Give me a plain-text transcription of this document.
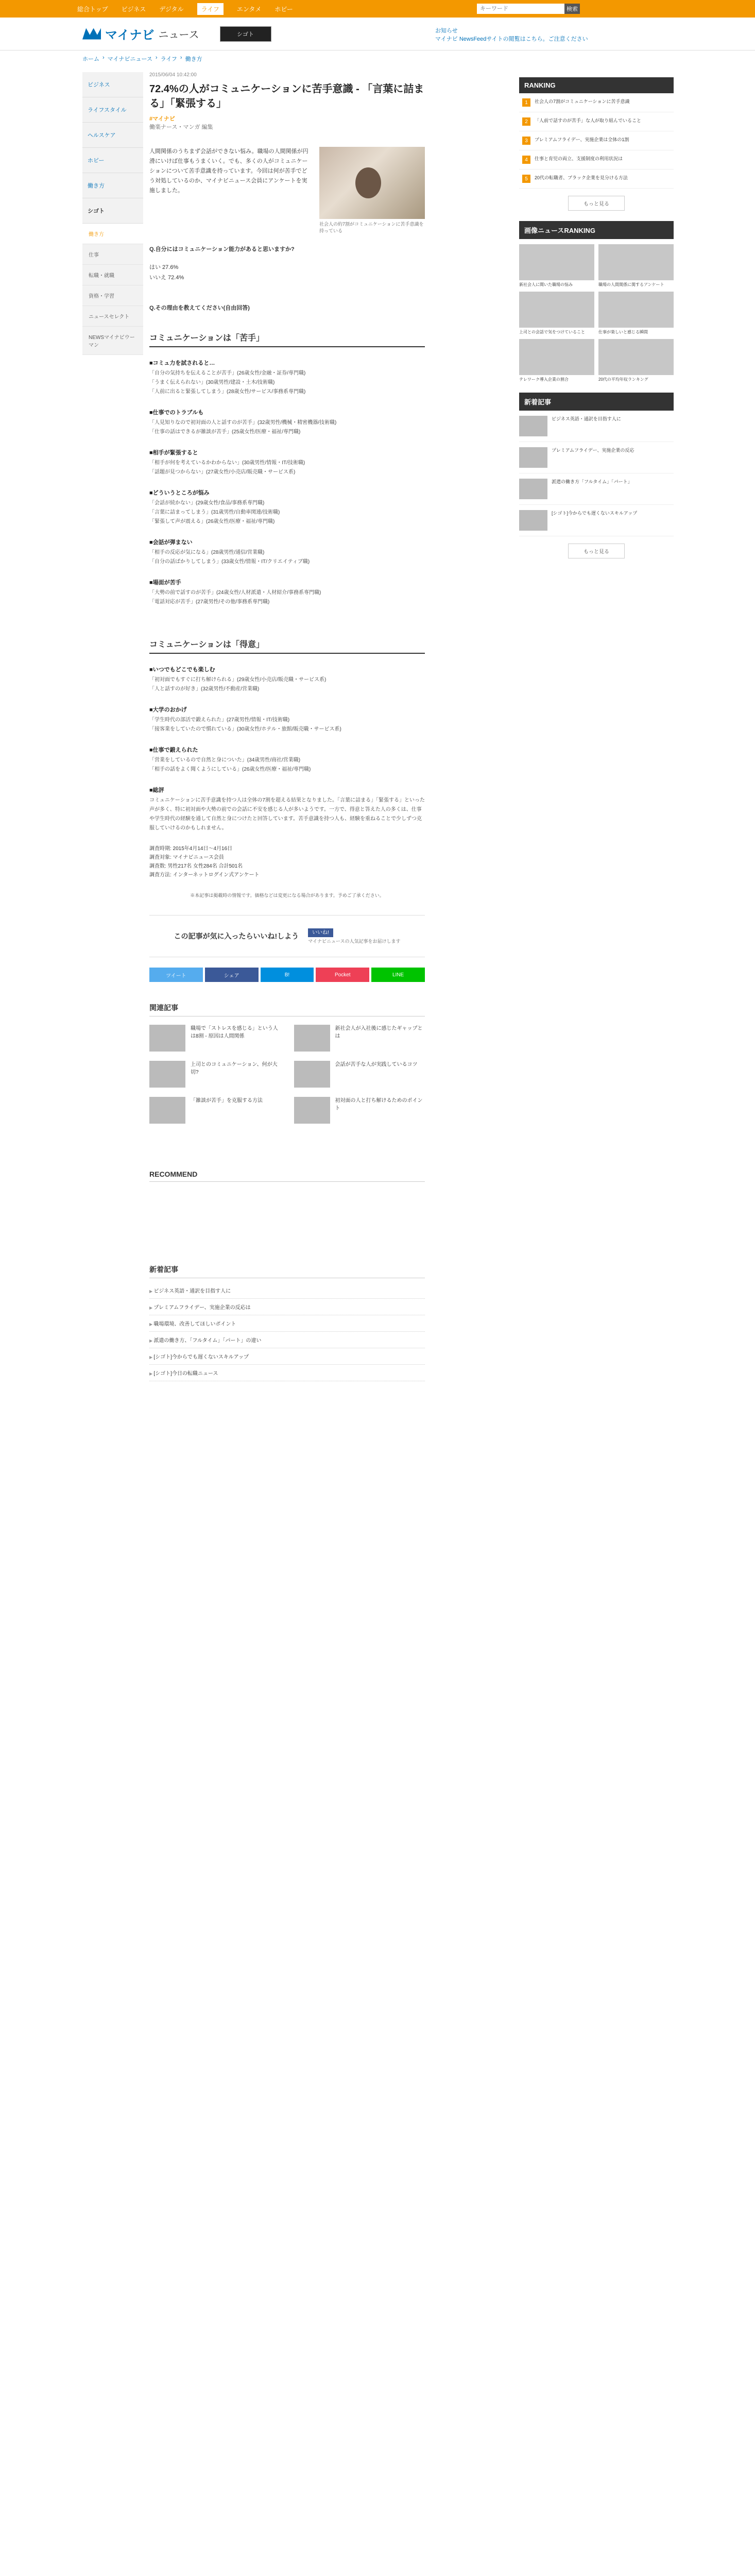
総合トップ ビジネス デジタル	ライフ	エンタメ ホビー
キーワード	検索
マイナビ ニュース	シゴト
お知らせ
マイナビ NewsFeedサイトの閲覧はこちら。ご注意ください
ホーム › マイナビニュース › ライフ › 働き方
ビジネス
ライフスタイル
ヘルスケア
ホビー
働き方
シゴト
働き方
仕事
転職・就職
資格・学習
ニュースセレクト
NEWSマイナビウーマン
2015/06/04 10:42:00
72.4%の人がコミュニケーションに苦手意識 - 「言葉に詰まる」「緊張する」
#マイナビ
働楽ナース・マンガ 編集

人間関係のうちまず会話ができない悩み。職場の人間関係が円滑にいけば仕事もうまくいく。でも、多くの人がコミュニケーションについて苦手意識を持っています。今回は何が苦手でどう対処しているのか、マイナビニュース会員にアンケートを実施しました。

社会人の約7割がコミュニケーションに苦手意識を持っている
Q.自分にはコミュニケーション能力があると思いますか?
はい 27.6%
いいえ 72.4%
Q.その理由を教えてください(自由回答)
コミュニケーションは「苦手」
■コミュ力を試されると…
「自分の気持ちを伝えることが苦手」(26歳女性/金融・証券/専門職)
「うまく伝えられない」(30歳男性/建設・土木/技術職)
「人前に出ると緊張してしまう」(28歳女性/サービス/事務系専門職)
■仕事でのトラブルも
「人見知りなので初対面の人と話すのが苦手」(32歳男性/機械・精密機器/技術職)
「仕事の話はできるが雑談が苦手」(25歳女性/医療・福祉/専門職)
■相手が緊張すると
「相手が何を考えているかわからない」(30歳男性/情報・IT/技術職)
「話題が見つからない」(27歳女性/小売店/販売職・サービス系)
■どういうところが悩み
「会話が続かない」(29歳女性/食品/事務系専門職)
「言葉に詰まってしまう」(31歳男性/自動車関連/技術職)
「緊張して声が震える」(26歳女性/医療・福祉/専門職)
■会話が弾まない
「相手の反応が気になる」(28歳男性/通信/営業職)
「自分の話ばかりしてしまう」(33歳女性/情報・IT/クリエイティブ職)
■場面が苦手
「大勢の前で話すのが苦手」(24歳女性/人材派遣・人材紹介/事務系専門職)
「電話対応が苦手」(27歳男性/その他/事務系専門職)
コミュニケーションは「得意」
■いつでもどこでも楽しむ
「初対面でもすぐに打ち解けられる」(29歳女性/小売店/販売職・サービス系)
「人と話すのが好き」(32歳男性/不動産/営業職)
■大学のおかげ
「学生時代の部活で鍛えられた」(27歳男性/情報・IT/技術職)
「接客業をしていたので慣れている」(30歳女性/ホテル・旅館/販売職・サービス系)
■仕事で鍛えられた
「営業をしているので自然と身についた」(34歳男性/商社/営業職)
「相手の話をよく聞くようにしている」(26歳女性/医療・福祉/専門職)
■総評
コミュニケーションに苦手意識を持つ人は全体の7割を超える結果となりました。「言葉に詰まる」「緊張する」といった声が多く、特に初対面や大勢の前での会話に不安を感じる人が多いようです。一方で、得意と答えた人の多くは、仕事や学生時代の経験を通して自然と身につけたと回答しています。苦手意識を持つ人も、経験を重ねることで少しずつ克服していけるのかもしれません。
調査時期: 2015年4月14日〜4月16日
調査対象: マイナビニュース会員
調査数: 男性217名 女性284名 合計501名
調査方法: インターネットログイン式アンケート
※本記事は掲載時の情報です。価格などは変更になる場合があります。予めご了承ください。
この記事が気に入ったらいいね!しよう	いいね!
マイナビニュースの人気記事をお届けします
ツイート	シェア	B!	Pocket	LINE
関連記事
職場で「ストレスを感じる」という人は8割 - 原因は人間関係
新社会人が入社後に感じたギャップとは
上司とのコミュニケーション、何が大切?
会話が苦手な人が実践しているコツ
「雑談が苦手」を克服する方法	初対面の人と打ち解けるためのポイント
RECOMMEND
新着記事
▶ ビジネス英語・通訳を目指す人に
▶ プレミアムフライデー、実施企業の反応は
▶ 職場環境、改善してほしいポイント
▶ 派遣の働き方、「フルタイム」「パート」の違い
▶ [シゴト]今からでも遅くないスキルアップ
▶ [シゴト]今日の転職ニュース
RANKING
1	社会人の7割がコミュニケーションに苦手意識
2	「人前で話すのが苦手」な人が取り組んでいること
3	プレミアムフライデー、実施企業は全体の1割
4	仕事と育児の両立、支援制度の利用状況は
5	20代の転職者、ブラック企業を見分ける方法
もっと見る
画像ニュースRANKING
新社会人に聞いた職場の悩み	職場の人間関係に関するアンケート
上司との会話で気をつけていること	仕事が楽しいと感じる瞬間
テレワーク導入企業の割合	20代の平均年収ランキング
新着記事
ビジネス英語・通訳を目指す人に
プレミアムフライデー、実施企業の反応
派遣の働き方「フルタイム」「パート」
[シゴト]今からでも遅くないスキルアップ
もっと見る
